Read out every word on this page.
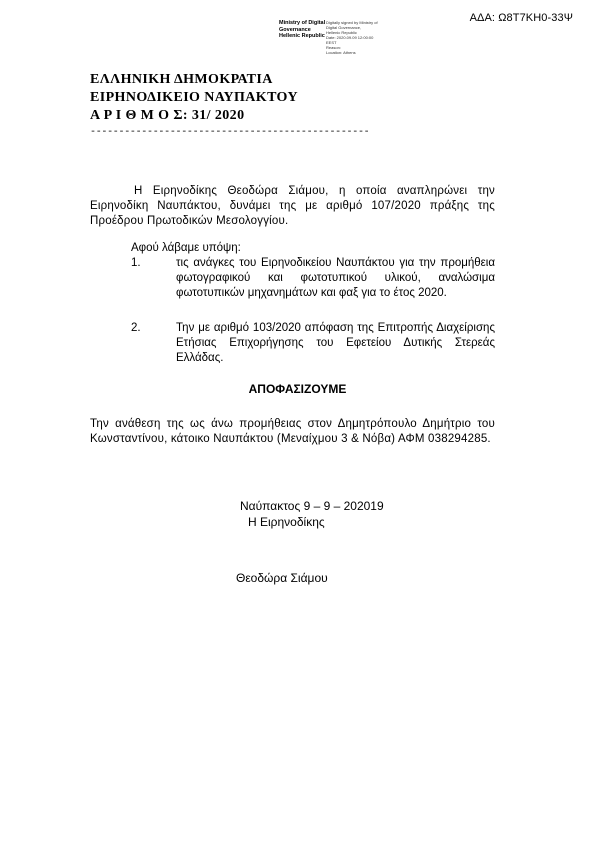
ΑΔΑ: Ω8Τ7ΚΗ0-33Ψ
Ministry of Digital
Governance
Hellenic Republic
Digitally signed by Ministry of
Digital Governance,
Hellenic Republic
Date: 2020.09.09 12:00:00
EEST
Reason:
Location: Athens
ΕΛΛΗΝΙΚΗ ΔΗΜΟΚΡΑΤΙΑ
ΕΙΡΗΝΟΔΙΚΕΙΟ ΝΑΥΠΑΚΤΟΥ
Α Ρ Ι Θ Μ Ο Σ: 31/ 2020
-------------------------------------------------
Η Ειρηνοδίκης Θεοδώρα Σιάμου, η οποία αναπληρώνει την Ειρηνοδίκη Ναυπάκτου, δυνάμει της με αριθμό 107/2020 πράξης της Προέδρου Πρωτοδικών Μεσολογγίου.
Αφού λάβαμε υπόψη:
1.	τις ανάγκες του Ειρηνοδικείου Ναυπάκτου για την προμήθεια φωτογραφικού και φωτοτυπικού υλικού, αναλώσιμα φωτοτυπικών μηχανημάτων και φαξ για το έτος 2020.
2.	Την με αριθμό 103/2020 απόφαση της Επιτροπής Διαχείρισης Ετήσιας Επιχορήγησης του Εφετείου Δυτικής Στερεάς Ελλάδας.
ΑΠΟΦΑΣΙΖΟΥΜΕ
Την ανάθεση της ως άνω προμήθειας στον Δημητρόπουλο Δημήτριο του Κωνσταντίνου, κάτοικο Ναυπάκτου (Μεναίχμου 3 & Νόβα) ΑΦΜ 038294285.
Ναύπακτος 9 – 9 – 202019
Η Ειρηνοδίκης
Θεοδώρα Σιάμου
